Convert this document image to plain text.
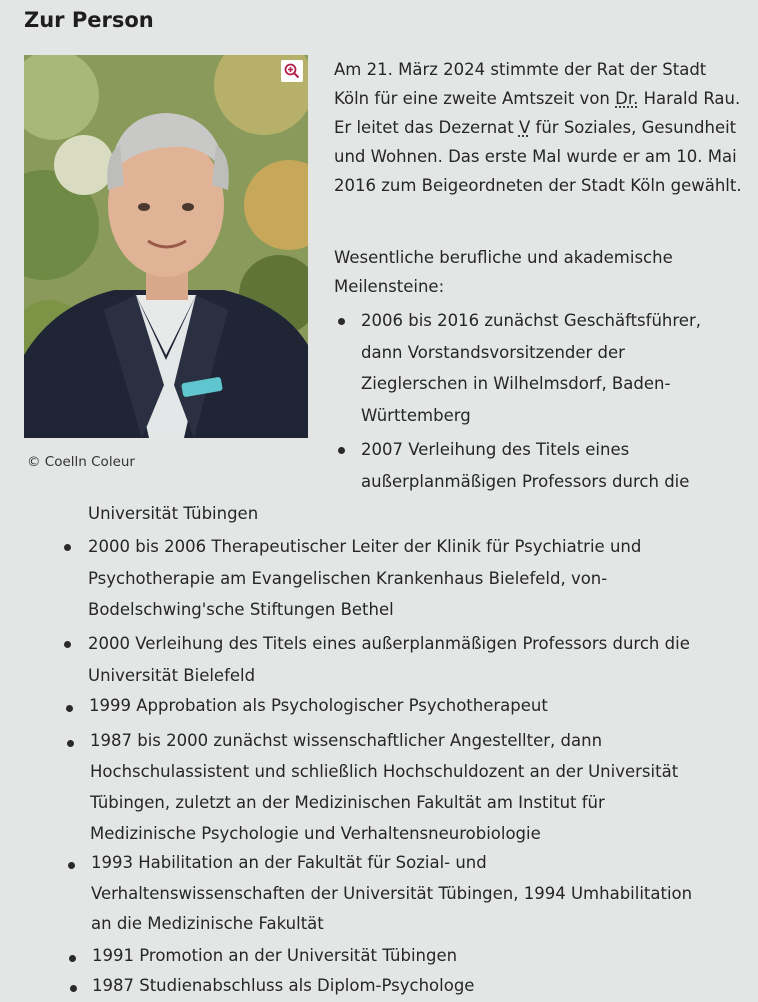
Zur Person
© Coelln Coleur

Am 21. März 2024 stimmte der Rat der Stadt Köln für eine zweite Amtszeit von Dr. Harald Rau. Er leitet das Dezernat V für Soziales, Gesundheit und Wohnen. Das erste Mal wurde er am 10. Mai 2016 zum Beigeordneten der Stadt Köln gewählt.

Wesentliche berufliche und akademische Meilensteine:

2006 bis 2016 zunächst Geschäftsführer,
dann Vorstandsvorsitzender der
Zieglerschen in Wilhelmsdorf, Baden-
Württemberg
2007 Verleihung des Titels eines
außerplanmäßigen Professors durch die
Universität Tübingen
2000 bis 2006 Therapeutischer Leiter der Klinik für Psychiatrie und
Psychotherapie am Evangelischen Krankenhaus Bielefeld, von-
Bodelschwing'sche Stiftungen Bethel
2000 Verleihung des Titels eines außerplanmäßigen Professors durch die
Universität Bielefeld
1999 Approbation als Psychologischer Psychotherapeut
1987 bis 2000 zunächst wissenschaftlicher Angestellter, dann
Hochschulassistent und schließlich Hochschuldozent an der Universität
Tübingen, zuletzt an der Medizinischen Fakultät am Institut für
Medizinische Psychologie und Verhaltensneurobiologie
1993 Habilitation an der Fakultät für Sozial- und
Verhaltenswissenschaften der Universität Tübingen, 1994 Umhabilitation
an die Medizinische Fakultät
1991 Promotion an der Universität Tübingen
1987 Studienabschluss als Diplom-Psychologe
